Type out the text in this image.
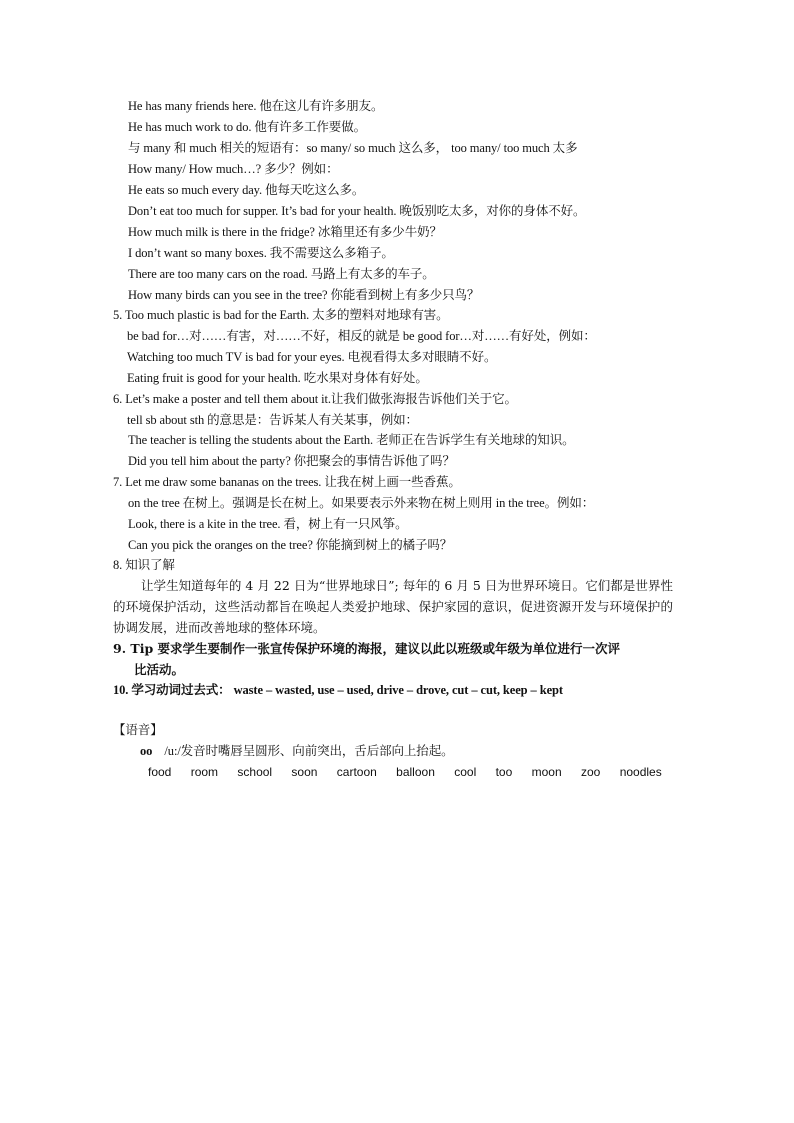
He has many friends here. 他在这儿有许多朋友。
He has much work to do. 他有许多工作要做。
与 many 和 much 相关的短语有：so many/ so much 这么多， too many/ too much 太多
How many/ How much…? 多少？例如：
He eats so much every day. 他每天吃这么多。
Don’t eat too much for supper. It’s bad for your health. 晚饭别吃太多，对你的身体不好。
How much milk is there in the fridge? 冰箱里还有多少牛奶？
I don’t want so many boxes. 我不需要这么多箱子。
There are too many cars on the road. 马路上有太多的车子。
How many birds can you see in the tree? 你能看到树上有多少只鸟？
5. Too much plastic is bad for the Earth. 太多的塑料对地球有害。
be bad for…对……有害，对……不好，相反的就是 be good for…对……有好处，例如：
Watching too much TV is bad for your eyes. 电视看得太多对眼睛不好。
Eating fruit is good for your health. 吃水果对身体有好处。
6. Let’s make a poster and tell them about it.让我们做张海报告诉他们关于它。
tell sb about sth 的意思是：告诉某人有关某事，例如：
The teacher is telling the students about the Earth. 老师正在告诉学生有关地球的知识。
Did you tell him about the party? 你把聚会的事情告诉他了吗？
7. Let me draw some bananas on the trees. 让我在树上画一些香蕉。
on the tree 在树上。强调是长在树上。如果要表示外来物在树上则用 in the tree。例如：
Look, there is a kite in the tree. 看，树上有一只风筝。
Can you pick the oranges on the tree? 你能摘到树上的橘子吗？
8. 知识了解
让学生知道每年的 4 月 22 日为“世界地球日”; 每年的 6 月 5 日为世界环境日。它们都是世界性的环境保护活动，这些活动都旨在唤起人类爱护地球、保护家园的意识，促进资源开发与环境保护的协调发展，进而改善地球的整体环境。
9. Tip 要求学生要制作一张宣传保护环境的海报，建议以此以班级或年级为单位进行一次评
比活动。
10. 学习动词过去式： waste – wasted, use – used, drive – drove, cut – cut, keep – kept
【语音】
oo /u:/发音时嘴唇呈圆形、向前突出，舌后部向上抬起。
food room school soon cartoon balloon cool too moon zoo noodles
